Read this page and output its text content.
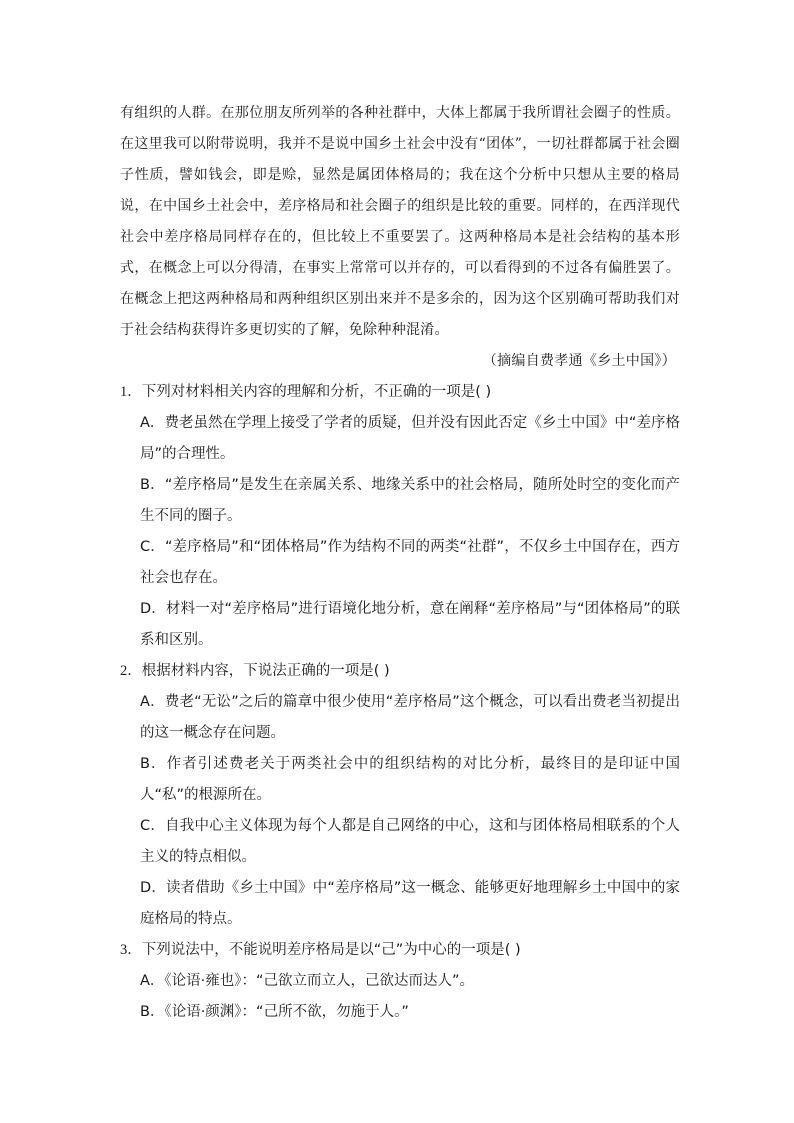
有组织的人群。在那位朋友所列举的各种社群中，大体上都属于我所谓社会圈子的性质。在这里我可以附带说明，我并不是说中国乡土社会中没有“团体”，一切社群都属于社会圈子性质，譬如钱会，即是赊，显然是属团体格局的；我在这个分析中只想从主要的格局说，在中国乡土社会中，差序格局和社会圈子的组织是比较的重要。同样的，在西洋现代社会中差序格局同样存在的，但比较上不重要罢了。这两种格局本是社会结构的基本形式，在概念上可以分得清，在事实上常常可以并存的，可以看得到的不过各有偏胜罢了。在概念上把这两种格局和两种组织区别出来并不是多余的，因为这个区别确可帮助我们对于社会结构获得许多更切实的了解，免除种种混淆。

（摘编自费孝通《乡土中国》）

1．下列对材料相关内容的理解和分析，不正确的一项是( )

A．费老虽然在学理上接受了学者的质疑，但并没有因此否定《乡土中国》中“差序格局”的合理性。

B．“差序格局”是发生在亲属关系、地缘关系中的社会格局，随所处时空的变化而产生不同的圈子。

C．“差序格局”和“团体格局”作为结构不同的两类“社群”，不仅乡土中国存在，西方社会也存在。

D．材料一对“差序格局”进行语境化地分析，意在阐释“差序格局”与“团体格局”的联系和区别。

2．根据材料内容，下说法正确的一项是( )

A．费老“无讼”之后的篇章中很少使用“差序格局”这个概念，可以看出费老当初提出的这一概念存在问题。

B．作者引述费老关于两类社会中的组织结构的对比分析，最终目的是印证中国人“私”的根源所在。

C．自我中心主义体现为每个人都是自己网络的中心，这和与团体格局相联系的个人主义的特点相似。

D．读者借助《乡土中国》中“差序格局”这一概念、能够更好地理解乡土中国中的家庭格局的特点。

3．下列说法中，不能说明差序格局是以“己”为中心的一项是( )

A．《论语·雍也》：“己欲立而立人，己欲达而达人”。

B．《论语·颜渊》：“己所不欲，勿施于人。”
